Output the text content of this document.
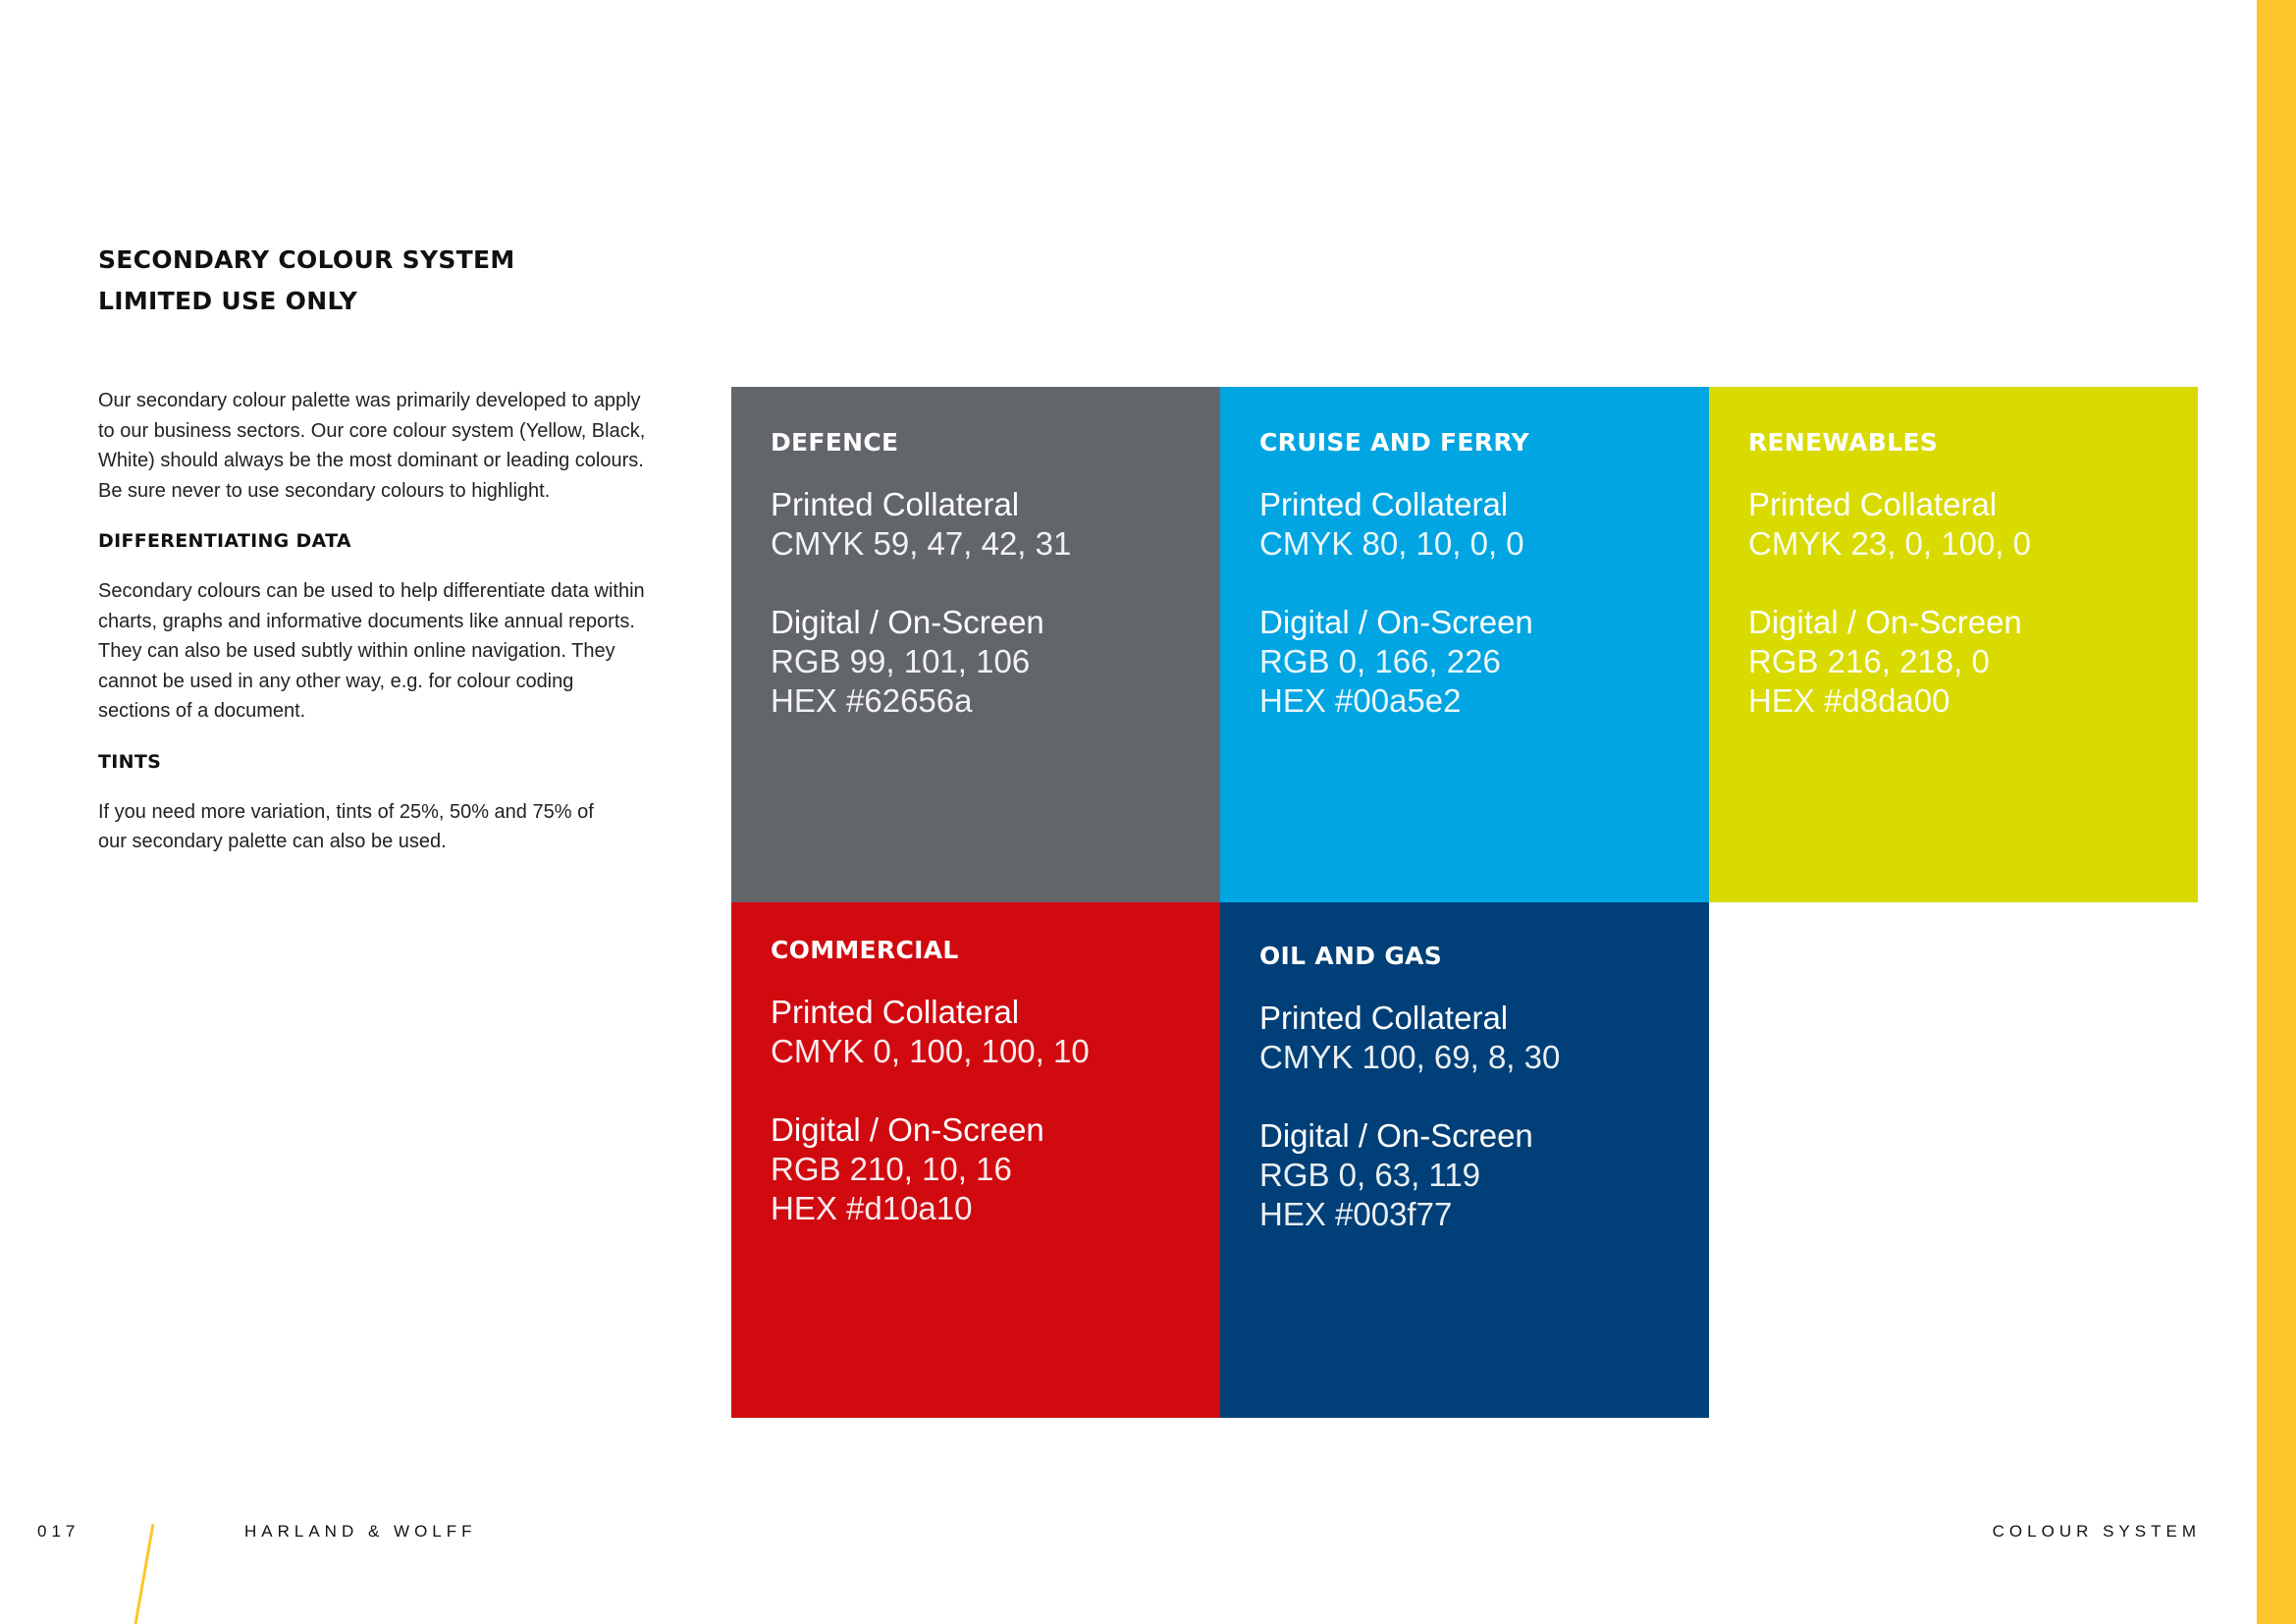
SECONDARY COLOUR SYSTEM
LIMITED USE ONLY

Our secondary colour palette was primarily developed to apply to our business sectors. Our core colour system (Yellow, Black, White) should always be the most dominant or leading colours. Be sure never to use secondary colours to highlight.

DIFFERENTIATING DATA

Secondary colours can be used to help differentiate data within charts, graphs and informative documents like annual reports. They can also be used subtly within online navigation. They cannot be used in any other way, e.g. for colour coding sections of a document.

TINTS

If you need more variation, tints of 25%, 50% and 75% of our secondary palette can also be used.

DEFENCE

Printed Collateral

CMYK 59, 47, 42, 31

Digital / On-Screen

RGB 99, 101, 106

HEX #62656a

CRUISE AND FERRY

Printed Collateral

CMYK 80, 10, 0, 0

Digital / On-Screen

RGB 0, 166, 226

HEX #00a5e2

RENEWABLES

Printed Collateral

CMYK 23, 0, 100, 0

Digital / On-Screen

RGB 216, 218, 0

HEX #d8da00

COMMERCIAL

Printed Collateral

CMYK 0, 100, 100, 10

Digital / On-Screen

RGB 210, 10, 16

HEX #d10a10

OIL AND GAS

Printed Collateral

CMYK 100, 69, 8, 30

Digital / On-Screen

RGB 0, 63, 119

HEX #003f77

017	HARLAND & WOLFF	COLOUR SYSTEM
